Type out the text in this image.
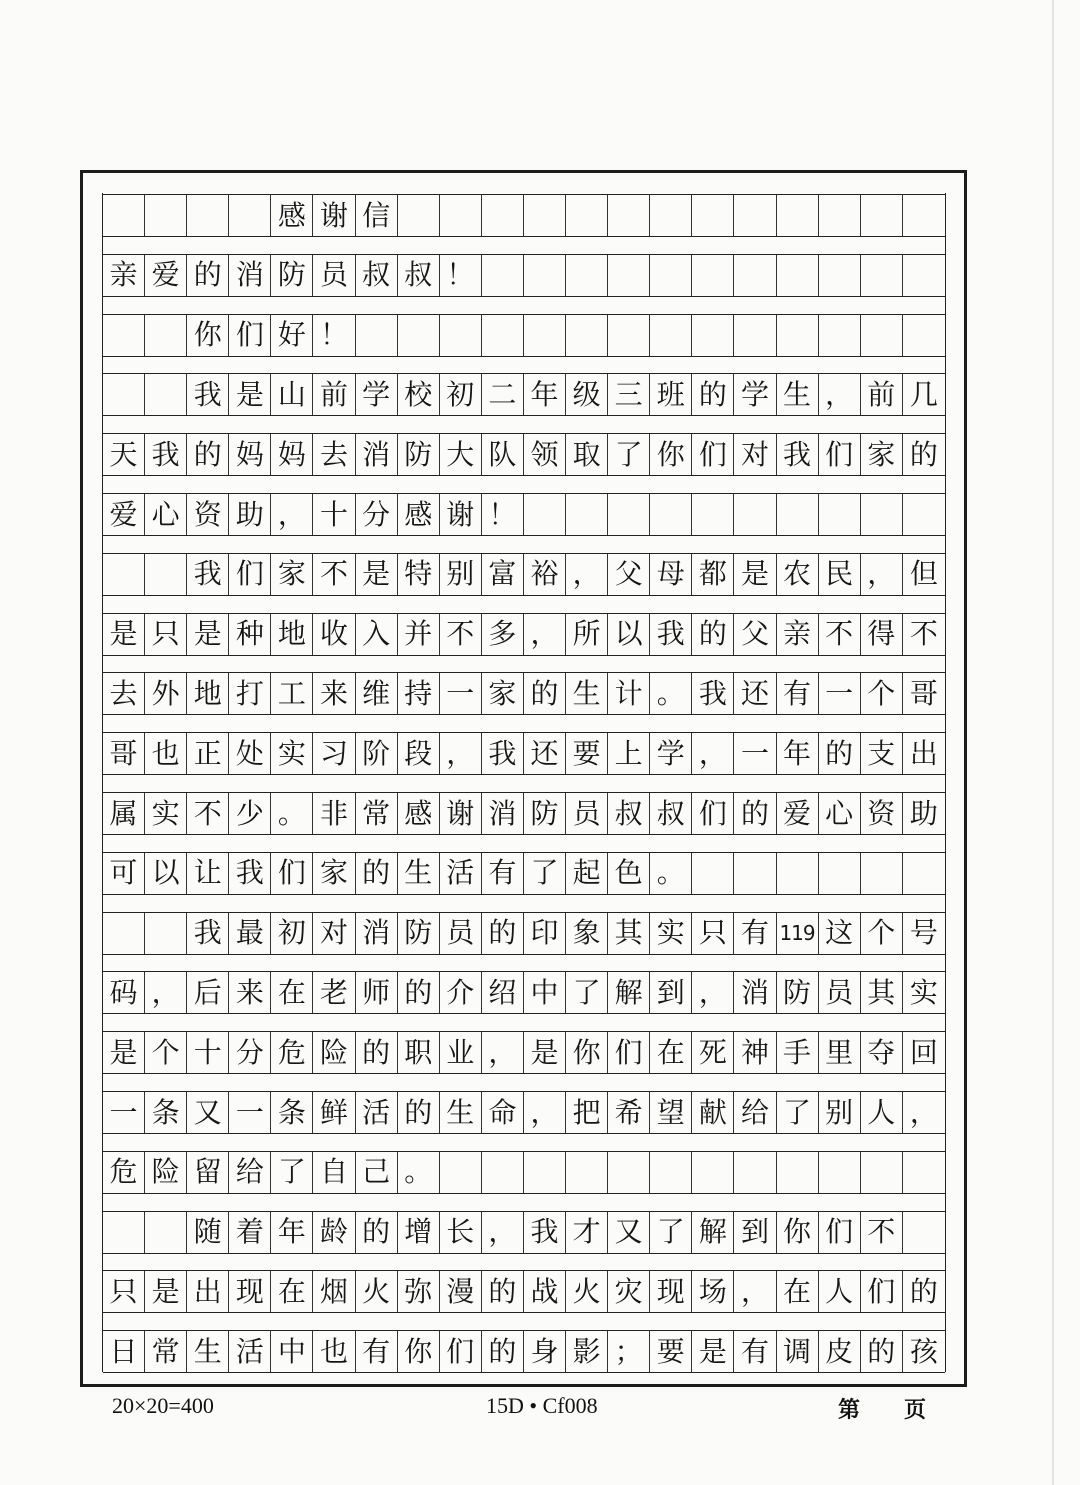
感 谢 信
亲 爱 的 消 防 员 叔 叔 ！
你 们 好 ！
我 是 山 前 学 校 初 二 年 级 三 班 的 学 生 ， 前 几
天 我 的 妈 妈 去 消 防 大 队 领 取 了 你 们 对 我 们 家 的
爱 心 资 助 ， 十 分 感 谢 ！
我 们 家 不 是 特 别 富 裕 ， 父 母 都 是 农 民 ， 但
是 只 是 种 地 收 入 并 不 多 ， 所 以 我 的 父 亲 不 得 不
去 外 地 打 工 来 维 持 一 家 的 生 计 。 我 还 有 一 个 哥
哥 也 正 处 实 习 阶 段 ， 我 还 要 上 学 ， 一 年 的 支 出
属 实 不 少 。 非 常 感 谢 消 防 员 叔 叔 们 的 爱 心 资 助
可 以 让 我 们 家 的 生 活 有 了 起 色 。
我 最 初 对 消 防 员 的 印 象 其 实 只 有 119 这 个 号
码 ， 后 来 在 老 师 的 介 绍 中 了 解 到 ， 消 防 员 其 实
是 个 十 分 危 险 的 职 业 ， 是 你 们 在 死 神 手 里 夺 回
一 条 又 一 条 鲜 活 的 生 命 ， 把 希 望 献 给 了 别 人 ，
危 险 留 给 了 自 己 。
随 着 年 龄 的 增 长 ， 我 才 又 了 解 到 你 们 不
只 是 出 现 在 烟 火 弥 漫 的 战 火 灾 现 场 ， 在 人 们 的
日 常 生 活 中 也 有 你 们 的 身 影 ； 要 是 有 调 皮 的 孩
20×20=400	15D • Cf008	第 页
